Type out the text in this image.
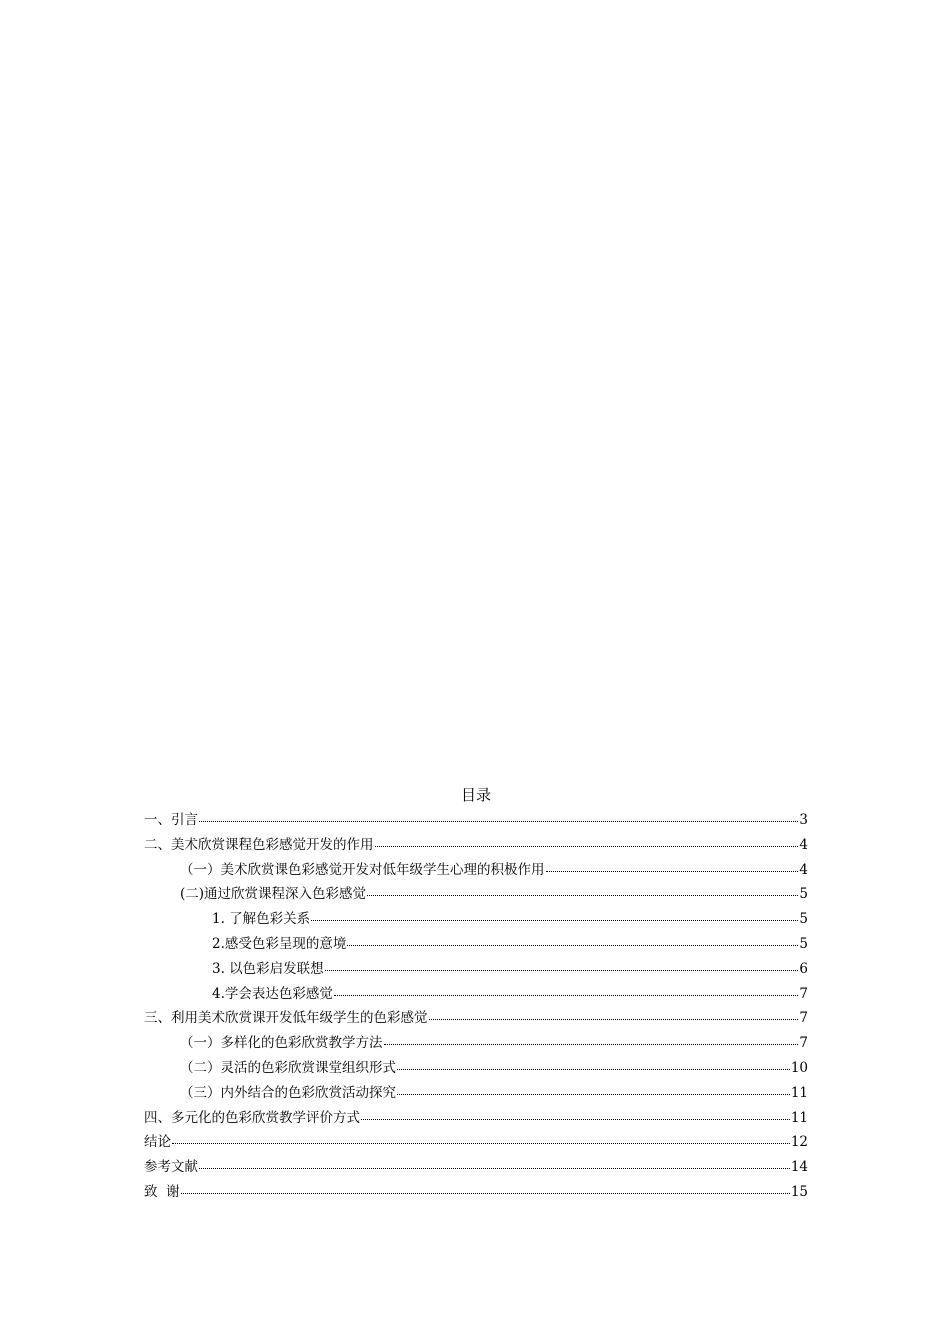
目录
一、引言	3
二、美术欣赏课程色彩感觉开发的作用	4
（一）美术欣赏课色彩感觉开发对低年级学生心理的积极作用	4
(二)通过欣赏课程深入色彩感觉	5
1. 了解色彩关系	5
2.感受色彩呈现的意境	5
3. 以色彩启发联想	6
4.学会表达色彩感觉	7
三、利用美术欣赏课开发低年级学生的色彩感觉	7
（一）多样化的色彩欣赏教学方法	7
（二）灵活的色彩欣赏课堂组织形式	10
（三）内外结合的色彩欣赏活动探究	11
四、多元化的色彩欣赏教学评价方式	11
结论	12
参考文献	14
致  谢	15
